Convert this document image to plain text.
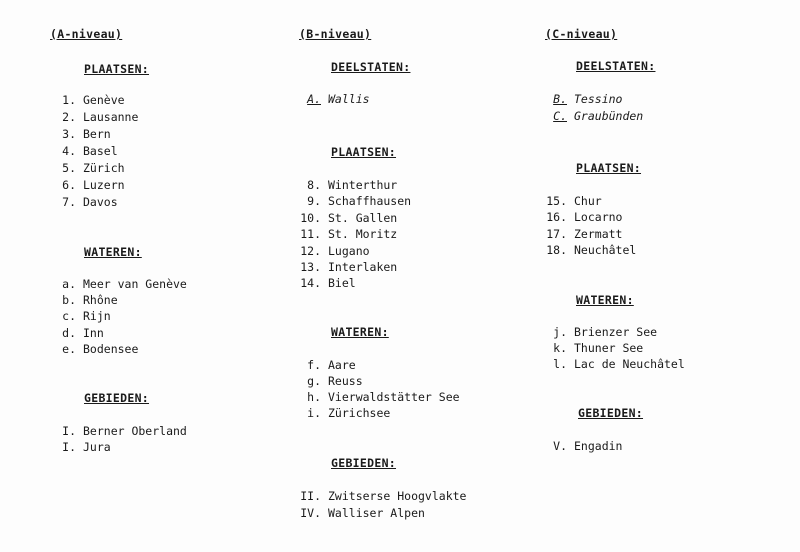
(A-niveau)
PLAATSEN:
1. Genève
2. Lausanne
3. Bern
4. Basel
5. Zürich
6. Luzern
7. Davos
WATEREN:
a. Meer van Genève
b. Rhône
c. Rijn
d. Inn
e. Bodensee
GEBIEDEN:
I. Berner Oberland
I. Jura
(B-niveau)
DEELSTATEN:
A. Wallis
PLAATSEN:
8. Winterthur
9. Schaffhausen
10. St. Gallen
11. St. Moritz
12. Lugano
13. Interlaken
14. Biel
WATEREN:
f. Aare
g. Reuss
h. Vierwaldstätter See
i. Zürichsee
GEBIEDEN:
II. Zwitserse Hoogvlakte
IV. Walliser Alpen
(C-niveau)
DEELSTATEN:
B. Tessino
C. Graubünden
PLAATSEN:
15. Chur
16. Locarno
17. Zermatt
18. Neuchâtel
WATEREN:
j. Brienzer See
k. Thuner See
l. Lac de Neuchâtel
GEBIEDEN:
V. Engadin
